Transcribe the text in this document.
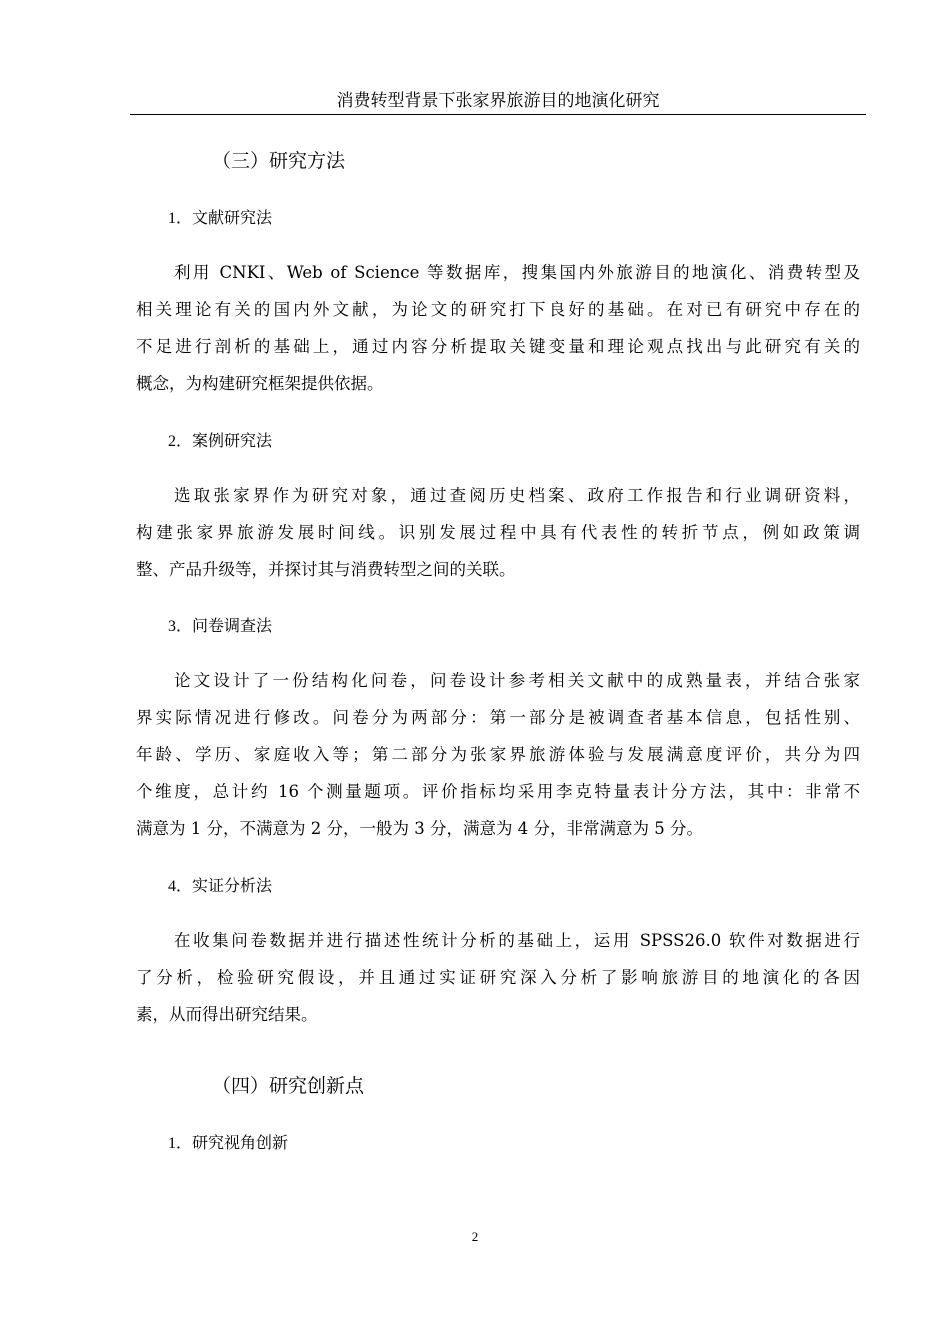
消费转型背景下张家界旅游目的地演化研究
（三）研究方法
1．文献研究法
利用 CNKI、Web of Science 等数据库，搜集国内外旅游目的地演化、消费转型及
相关理论有关的国内外文献，为论文的研究打下良好的基础。在对已有研究中存在的
不足进行剖析的基础上，通过内容分析提取关键变量和理论观点找出与此研究有关的
概念，为构建研究框架提供依据。
2．案例研究法
选取张家界作为研究对象，通过查阅历史档案、政府工作报告和行业调研资料，
构建张家界旅游发展时间线。识别发展过程中具有代表性的转折节点，例如政策调
整、产品升级等，并探讨其与消费转型之间的关联。
3．问卷调查法
论文设计了一份结构化问卷，问卷设计参考相关文献中的成熟量表，并结合张家
界实际情况进行修改。问卷分为两部分：第一部分是被调查者基本信息，包括性别、
年龄、学历、家庭收入等；第二部分为张家界旅游体验与发展满意度评价，共分为四
个维度，总计约 16 个测量题项。评价指标均采用李克特量表计分方法，其中：非常不
满意为 1 分，不满意为 2 分，一般为 3 分，满意为 4 分，非常满意为 5 分。
4．实证分析法
在收集问卷数据并进行描述性统计分析的基础上，运用 SPSS26.0 软件对数据进行
了分析，检验研究假设，并且通过实证研究深入分析了影响旅游目的地演化的各因
素，从而得出研究结果。
（四）研究创新点
1．研究视角创新
2
